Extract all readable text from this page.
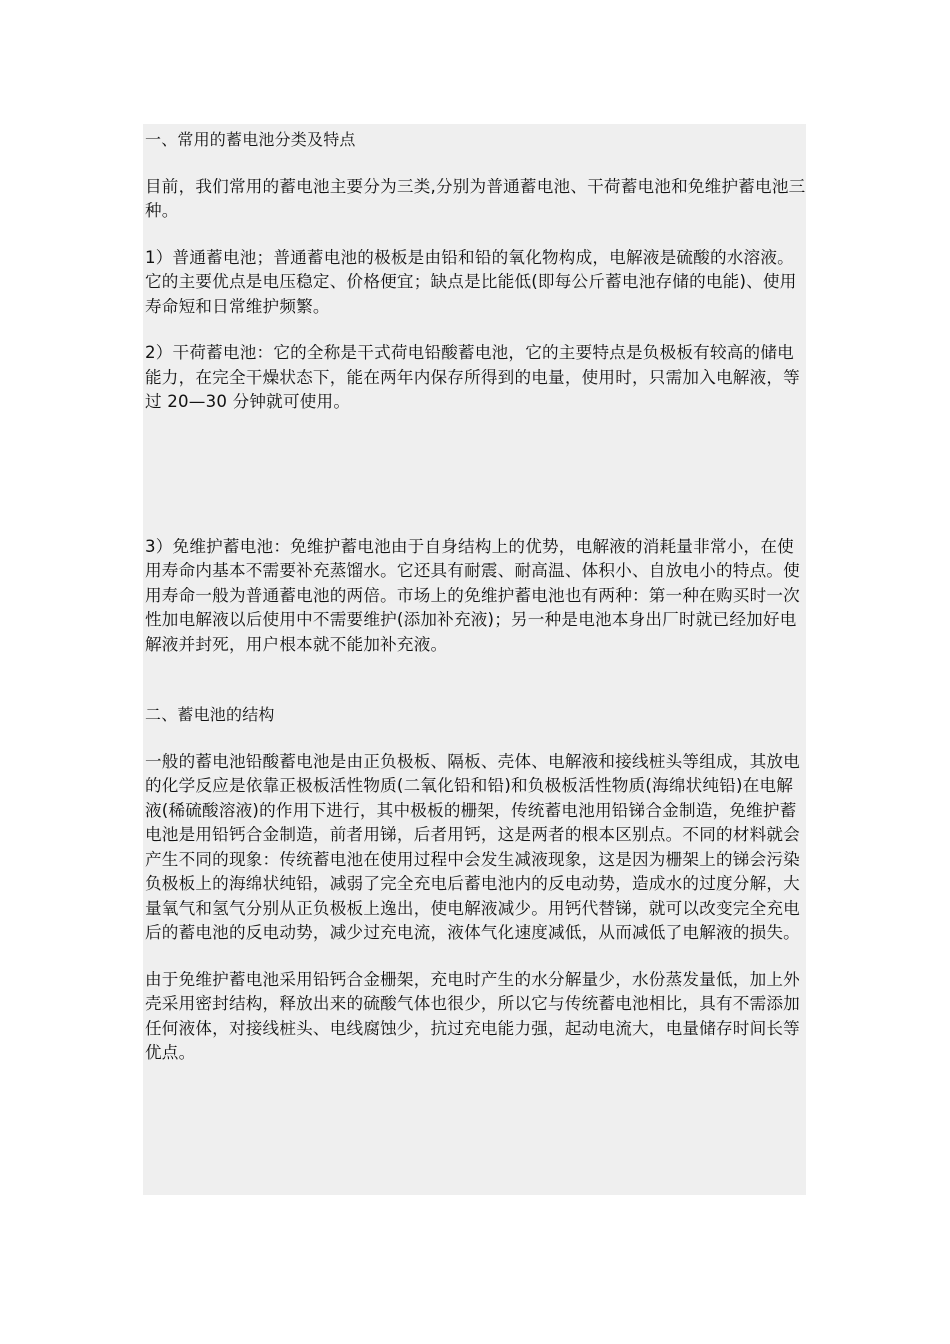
一、常用的蓄电池分类及特点

目前，我们常用的蓄电池主要分为三类,分别为普通蓄电池、干荷蓄电池和免维护蓄电池三种。

1）普通蓄电池；普通蓄电池的极板是由铅和铅的氧化物构成，电解液是硫酸的水溶液。它的主要优点是电压稳定、价格便宜；缺点是比能低(即每公斤蓄电池存储的电能)、使用寿命短和日常维护频繁。

2）干荷蓄电池：它的全称是干式荷电铅酸蓄电池，它的主要特点是负极板有较高的储电能力，在完全干燥状态下，能在两年内保存所得到的电量，使用时，只需加入电解液，等过 20—30 分钟就可使用。

3）免维护蓄电池：免维护蓄电池由于自身结构上的优势，电解液的消耗量非常小，在使用寿命内基本不需要补充蒸馏水。它还具有耐震、耐高温、体积小、自放电小的特点。使用寿命一般为普通蓄电池的两倍。市场上的免维护蓄电池也有两种：第一种在购买时一次性加电解液以后使用中不需要维护(添加补充液)；另一种是电池本身出厂时就已经加好电解液并封死，用户根本就不能加补充液。

二、蓄电池的结构

一般的蓄电池铅酸蓄电池是由正负极板、隔板、壳体、电解液和接线桩头等组成，其放电的化学反应是依靠正极板活性物质(二氧化铅和铅)和负极板活性物质(海绵状纯铅)在电解液(稀硫酸溶液)的作用下进行，其中极板的栅架，传统蓄电池用铅锑合金制造，免维护蓄电池是用铅钙合金制造，前者用锑，后者用钙，这是两者的根本区别点。不同的材料就会产生不同的现象：传统蓄电池在使用过程中会发生减液现象，这是因为栅架上的锑会污染负极板上的海绵状纯铅，减弱了完全充电后蓄电池内的反电动势，造成水的过度分解，大量氧气和氢气分别从正负极板上逸出，使电解液减少。用钙代替锑，就可以改变完全充电后的蓄电池的反电动势，减少过充电流，液体气化速度减低，从而减低了电解液的损失。

由于免维护蓄电池采用铅钙合金栅架，充电时产生的水分解量少，水份蒸发量低，加上外壳采用密封结构，释放出来的硫酸气体也很少，所以它与传统蓄电池相比，具有不需添加任何液体，对接线桩头、电线腐蚀少，抗过充电能力强，起动电流大，电量储存时间长等优点。
